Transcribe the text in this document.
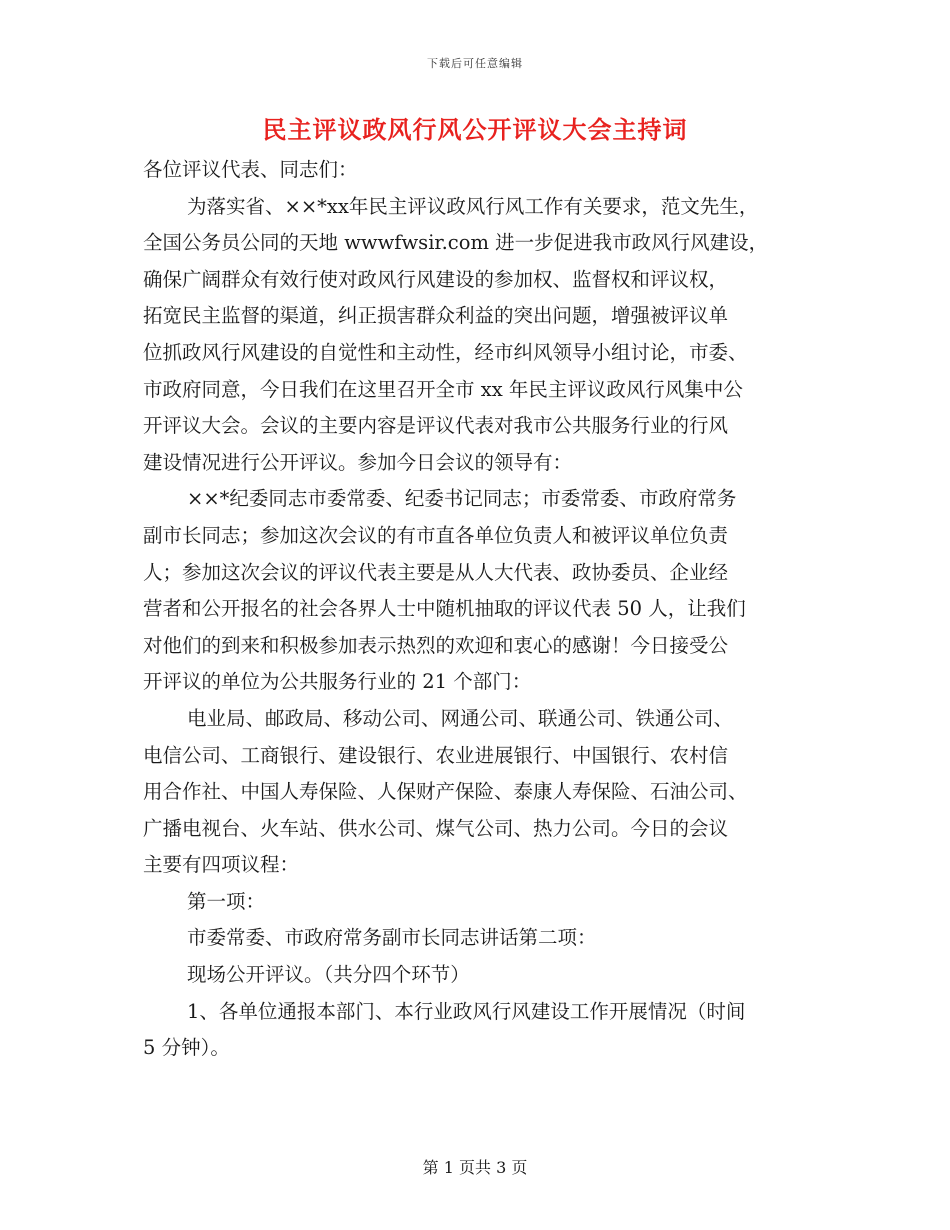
下载后可任意编辑
民主评议政风行风公开评议大会主持词
各位评议代表、同志们：
为落实省、××*xx年民主评议政风行风工作有关要求，范文先生，
全国公务员公同的天地 wwwfwsir.com 进一步促进我市政风行风建设，
确保广阔群众有效行使对政风行风建设的参加权、监督权和评议权，
拓宽民主监督的渠道，纠正损害群众利益的突出问题，增强被评议单
位抓政风行风建设的自觉性和主动性，经市纠风领导小组讨论，市委、
市政府同意，今日我们在这里召开全市 xx 年民主评议政风行风集中公
开评议大会。会议的主要内容是评议代表对我市公共服务行业的行风
建设情况进行公开评议。参加今日会议的领导有：
××*纪委同志市委常委、纪委书记同志；市委常委、市政府常务
副市长同志；参加这次会议的有市直各单位负责人和被评议单位负责
人；参加这次会议的评议代表主要是从人大代表、政协委员、企业经
营者和公开报名的社会各界人士中随机抽取的评议代表 50 人，让我们
对他们的到来和积极参加表示热烈的欢迎和衷心的感谢！今日接受公
开评议的单位为公共服务行业的 21 个部门：
电业局、邮政局、移动公司、网通公司、联通公司、铁通公司、
电信公司、工商银行、建设银行、农业进展银行、中国银行、农村信
用合作社、中国人寿保险、人保财产保险、泰康人寿保险、石油公司、
广播电视台、火车站、供水公司、煤气公司、热力公司。今日的会议
主要有四项议程：
第一项：
市委常委、市政府常务副市长同志讲话第二项：
现场公开评议。（共分四个环节）
1、各单位通报本部门、本行业政风行风建设工作开展情况（时间
5 分钟）。
第 1 页共 3 页
